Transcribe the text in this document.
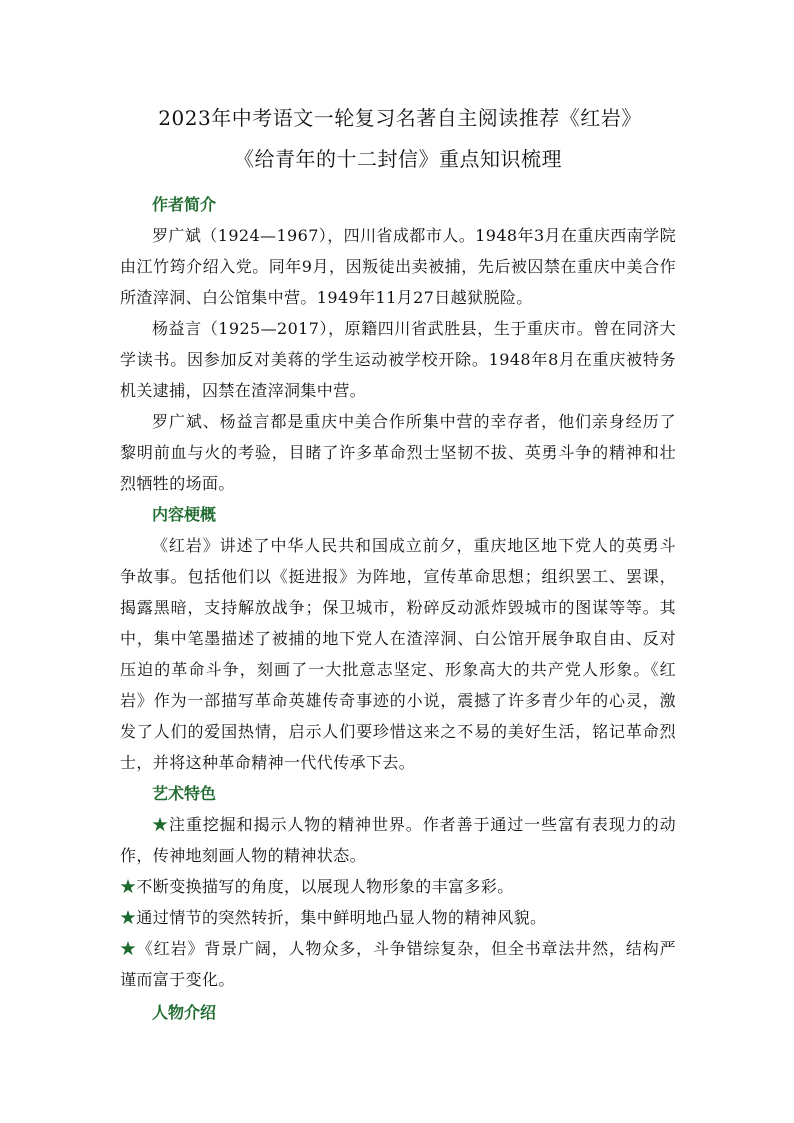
2023年中考语文一轮复习名著自主阅读推荐《红岩》
《给青年的十二封信》重点知识梳理
作者简介

罗广斌（1924—1967），四川省成都市人。1948年3月在重庆西南学院由江竹筠介绍入党。同年9月，因叛徒出卖被捕，先后被囚禁在重庆中美合作所渣滓洞、白公馆集中营。1949年11月27日越狱脱险。

杨益言（1925—2017），原籍四川省武胜县，生于重庆市。曾在同济大学读书。因参加反对美蒋的学生运动被学校开除。1948年8月在重庆被特务机关逮捕，囚禁在渣滓洞集中营。

罗广斌、杨益言都是重庆中美合作所集中营的幸存者，他们亲身经历了黎明前血与火的考验，目睹了许多革命烈士坚韧不拔、英勇斗争的精神和壮烈牺牲的场面。

内容梗概

《红岩》讲述了中华人民共和国成立前夕，重庆地区地下党人的英勇斗争故事。包括他们以《挺进报》为阵地，宣传革命思想；组织罢工、罢课，揭露黑暗，支持解放战争；保卫城市，粉碎反动派炸毁城市的图谋等等。其中，集中笔墨描述了被捕的地下党人在渣滓洞、白公馆开展争取自由、反对压迫的革命斗争，刻画了一大批意志坚定、形象高大的共产党人形象。《红岩》作为一部描写革命英雄传奇事迹的小说，震撼了许多青少年的心灵，激发了人们的爱国热情，启示人们要珍惜这来之不易的美好生活，铭记革命烈士，并将这种革命精神一代代传承下去。

艺术特色

★注重挖掘和揭示人物的精神世界。作者善于通过一些富有表现力的动作，传神地刻画人物的精神状态。

★不断变换描写的角度，以展现人物形象的丰富多彩。

★通过情节的突然转折，集中鲜明地凸显人物的精神风貌。

★《红岩》背景广阔，人物众多，斗争错综复杂，但全书章法井然，结构严谨而富于变化。

人物介绍
